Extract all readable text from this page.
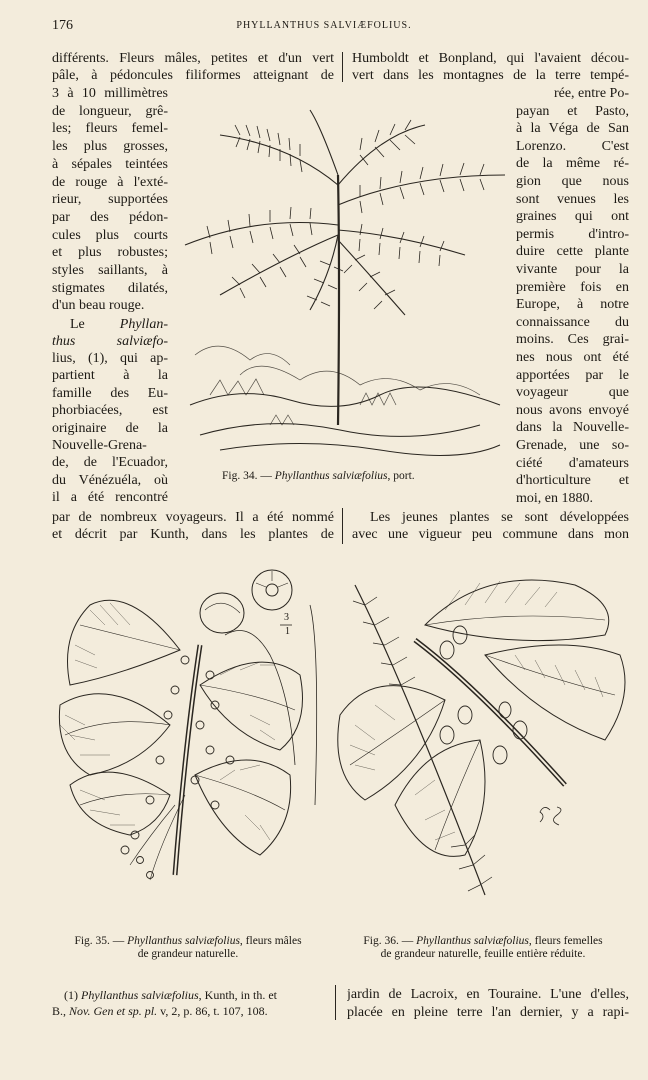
176	PHYLLANTHUS SALVIÆFOLIUS.
différents. Fleurs mâles, petites et d'un vert
pâle, à pédoncules filiformes atteignant de
3 à 10 millimètres
de longueur, grê-
les; fleurs femel-
les plus grosses,
à sépales teintées
de rouge à l'exté-
rieur, supportées
par des pédon-
cules plus courts
et plus robustes;
styles saillants, à
stigmates dilatés,
d'un beau rouge.
Le	Phyllan-
thus salviæfo-
lius, (1), qui ap-
partient à la
famille des Eu-
phorbiacées, est
originaire de la
Nouvelle-Grena-
de, de l'Ecuador,
du Vénézuéla, où
il a été rencontré
par de nombreux voyageurs. Il a été nommé
et décrit par Kunth, dans les plantes de
Humboldt et Bonpland, qui l'avaient décou-
vert dans les montagnes de la terre tempé-
rée, entre Po-
payan et Pasto,
à la Véga de San
Lorenzo. C'est
de la même ré-
gion que nous
sont venues les
graines qui ont
permis d'intro-
duire cette plante
vivante pour la
première fois en
Europe, à notre
connaissance du
moins. Ces grai-
nes nous ont été
apportées par le
voyageur que
nous avons envoyé
dans la Nouvelle-
Grenade, une so-
ciété d'amateurs
d'horticulture et
moi, en 1880.
Les jeunes plantes se sont développées
avec une vigueur peu commune dans mon
Fig. 34. — Phyllanthus salviæfolius, port.
3
1
Fig. 35. — Phyllanthus salviæfolius, fleurs mâles
de grandeur naturelle.
Fig. 36. — Phyllanthus salviæfolius, fleurs femelles
de grandeur naturelle, feuille entière réduite.
(1) Phyllanthus salviæfolius, Kunth, in th. et
B., Nov. Gen et sp. pl. v, 2, p. 86, t. 107, 108.
jardin de Lacroix, en Touraine. L'une d'elles,
placée en pleine terre l'an dernier, y a rapi-
